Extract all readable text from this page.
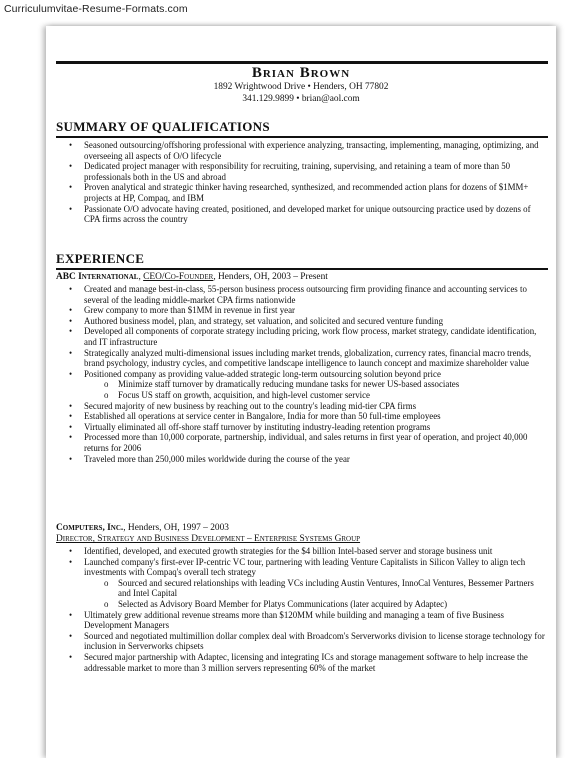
Curriculumvitae-Resume-Formats.com
Brian Brown
1892 Wrightwood Drive • Henders, OH 77802
341.129.9899 • brian@aol.com
SUMMARY OF QUALIFICATIONS
• Seasoned outsourcing/offshoring professional with experience analyzing, transacting, implementing, managing, optimizing, and overseeing all aspects of O/O lifecycle
• Dedicated project manager with responsibility for recruiting, training, supervising, and retaining a team of more than 50 professionals both in the US and abroad
• Proven analytical and strategic thinker having researched, synthesized, and recommended action plans for dozens of $1MM+ projects at HP, Compaq, and IBM
• Passionate O/O advocate having created, positioned, and developed market for unique outsourcing practice used by dozens of CPA firms across the country
EXPERIENCE
ABC International, CEO/Co-Founder, Henders, OH, 2003 – Present
• Created and manage best-in-class, 55-person business process outsourcing firm providing finance and accounting services to several of the leading middle-market CPA firms nationwide
• Grew company to more than $1MM in revenue in first year
• Authored business model, plan, and strategy, set valuation, and solicited and secured venture funding
• Developed all components of corporate strategy including pricing, work flow process, market strategy, candidate identification, and IT infrastructure
• Strategically analyzed multi-dimensional issues including market trends, globalization, currency rates, financial macro trends, brand psychology, industry cycles, and competitive landscape intelligence to launch concept and maximize shareholder value
• Positioned company as providing value-added strategic long-term outsourcing solution beyond price
o Minimize staff turnover by dramatically reducing mundane tasks for newer US-based associates
o Focus US staff on growth, acquisition, and high-level customer service
• Secured majority of new business by reaching out to the country's leading mid-tier CPA firms
• Established all operations at service center in Bangalore, India for more than 50 full-time employees
• Virtually eliminated all off-shore staff turnover by instituting industry-leading retention programs
• Processed more than 10,000 corporate, partnership, individual, and sales returns in first year of operation, and project 40,000 returns for 2006
• Traveled more than 250,000 miles worldwide during the course of the year
Computers, Inc., Henders, OH, 1997 – 2003
Director, Strategy and Business Development – Enterprise Systems Group
• Identified, developed, and executed growth strategies for the $4 billion Intel-based server and storage business unit
• Launched company's first-ever IP-centric VC tour, partnering with leading Venture Capitalists in Silicon Valley to align tech investments with Compaq's overall tech strategy
o Sourced and secured relationships with leading VCs including Austin Ventures, InnoCal Ventures, Bessemer Partners and Intel Capital
o Selected as Advisory Board Member for Platys Communications (later acquired by Adaptec)
• Ultimately grew additional revenue streams more than $120MM while building and managing a team of five Business Development Managers
• Sourced and negotiated multimillion dollar complex deal with Broadcom's Serverworks division to license storage technology for inclusion in Serverworks chipsets
• Secured major partnership with Adaptec, licensing and integrating ICs and storage management software to help increase the addressable market to more than 3 million servers representing 60% of the market
